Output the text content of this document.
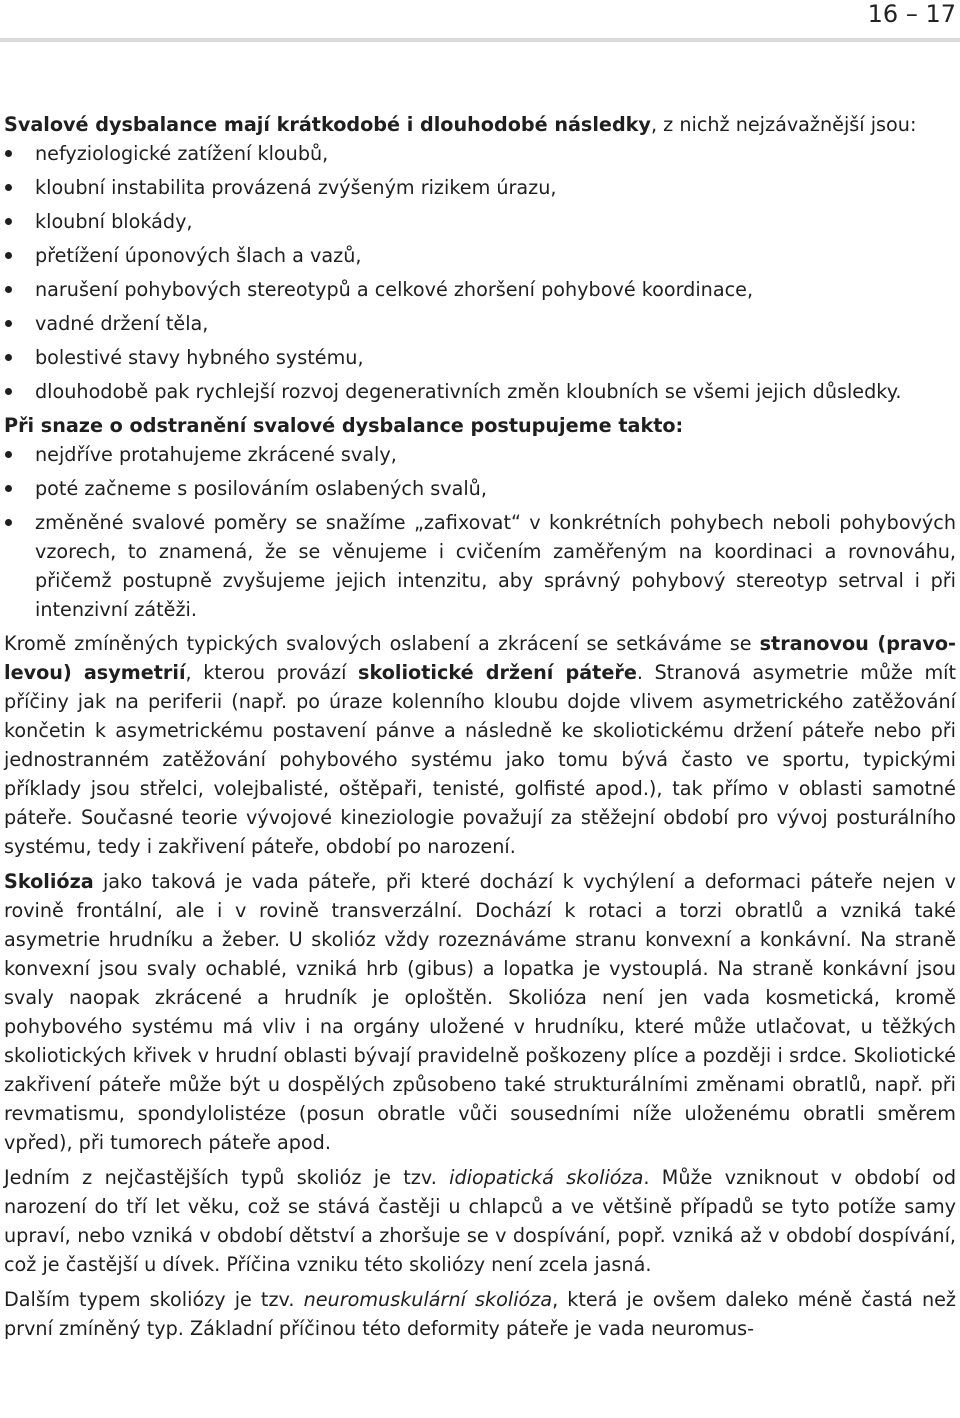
16 – 17

Svalové dysbalance mají krátkodobé i dlouhodobé následky, z nichž nejzávažnější jsou:

nefyziologické zatížení kloubů,
kloubní instabilita provázená zvýšeným rizikem úrazu,
kloubní blokády,
přetížení úponových šlach a vazů,
narušení pohybových stereotypů a celkové zhoršení pohybové koordinace,
vadné držení těla,
bolestivé stavy hybného systému,
dlouhodobě pak rychlejší rozvoj degenerativních změn kloubních se všemi jejich důsledky.

Při snaze o odstranění svalové dysbalance postupujeme takto:

nejdříve protahujeme zkrácené svaly,
poté začneme s posilováním oslabených svalů,
změněné svalové poměry se snažíme „zafixovat“ v konkrétních pohybech neboli pohybových vzorech, to znamená, že se věnujeme i cvičením zaměřeným na koordinaci a rovnováhu, přičemž postupně zvyšujeme jejich intenzitu, aby správný pohybový stereotyp setrval i při intenzivní zátěži.

Kromě zmíněných typických svalových oslabení a zkrácení se setkáváme se stranovou (pravo-levou) asymetrií, kterou provází skoliotické držení páteře. Stranová asymetrie může mít příčiny jak na periferii (např. po úraze kolenního kloubu dojde vlivem asymetrického zatěžování končetin k asymetrickému postavení pánve a následně ke skoliotickému držení páteře nebo při jednostranném zatěžování pohybového systému jako tomu bývá často ve sportu, typickými příklady jsou střelci, volejbalisté, oštěpaři, tenisté, golfisté apod.), tak přímo v oblasti samotné páteře. Současné teorie vývojové kineziologie považují za stěžejní období pro vývoj posturálního systému, tedy i zakřivení páteře, období po narození.

Skolióza jako taková je vada páteře, při které dochází k vychýlení a deformaci páteře nejen v rovině frontální, ale i v rovině transverzální. Dochází k rotaci a torzi obratlů a vzniká také asymetrie hrudníku a žeber. U skolióz vždy rozeznáváme stranu konvexní a konkávní. Na straně konvexní jsou svaly ochablé, vzniká hrb (gibus) a lopatka je vystouplá. Na straně konkávní jsou svaly naopak zkrácené a hrudník je oploštěn. Skolióza není jen vada kosmetická, kromě pohybového systému má vliv i na orgány uložené v hrudníku, které může utlačovat, u těžkých skoliotických křivek v hrudní oblasti bývají pravidelně poškozeny plíce a později i srdce. Skoliotické zakřivení páteře může být u dospělých způsobeno také strukturálními změnami obratlů, např. při revmatismu, spondylolistéze (posun obratle vůči sousedními níže uloženému obratli směrem vpřed), při tumorech páteře apod.

Jedním z nejčastějších typů skolióz je tzv. idiopatická skolióza. Může vzniknout v období od narození do tří let věku, což se stává častěji u chlapců a ve většině případů se tyto potíže samy upraví, nebo vzniká v období dětství a zhoršuje se v dospívání, popř. vzniká až v období dospívání, což je častější u dívek. Příčina vzniku této skoliózy není zcela jasná.

Dalším typem skoliózy je tzv. neuromuskulární skolióza, která je ovšem daleko méně častá než první zmíněný typ. Základní příčinou této deformity páteře je vada neuromus-
